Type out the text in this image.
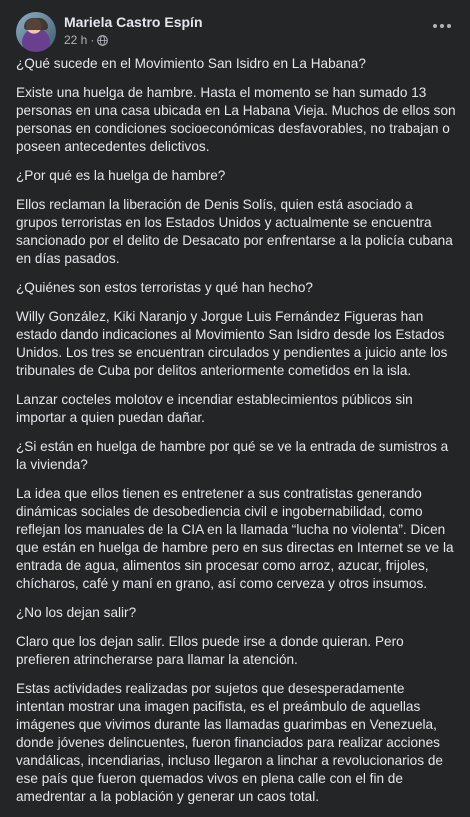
Mariela Castro Espín
22 h ·

¿Qué sucede en el Movimiento San Isidro en La Habana?

Existe una huelga de hambre. Hasta el momento se han sumado 13 personas en una casa ubicada en La Habana Vieja. Muchos de ellos son personas en condiciones socioeconómicas desfavorables, no trabajan o poseen antecedentes delictivos.

¿Por qué es la huelga de hambre?

Ellos reclaman la liberación de Denis Solís, quien está asociado a grupos terroristas en los Estados Unidos y actualmente se encuentra sancionado por el delito de Desacato por enfrentarse a la policía cubana en días pasados.

¿Quiénes son estos terroristas y qué han hecho?

Willy González, Kiki Naranjo y Jorgue Luis Fernández Figueras han estado dando indicaciones al Movimiento San Isidro desde los Estados Unidos. Los tres se encuentran circulados y pendientes a juicio ante los tribunales de Cuba por delitos anteriormente cometidos en la isla.

Lanzar cocteles molotov e incendiar establecimientos públicos sin importar a quien puedan dañar.

¿Si están en huelga de hambre por qué se ve la entrada de sumistros a la vivienda?

La idea que ellos tienen es entretener a sus contratistas generando dinámicas sociales de desobediencia civil e ingobernabilidad, como reflejan los manuales de la CIA en la llamada “lucha no violenta”. Dicen que están en huelga de hambre pero en sus directas en Internet se ve la entrada de agua, alimentos sin procesar como arroz, azucar, frijoles, chícharos, café y maní en grano, así como cerveza y otros insumos.

¿No los dejan salir?

Claro que los dejan salir. Ellos puede irse a donde quieran. Pero prefieren atrincherarse para llamar la atención.

Estas actividades realizadas por sujetos que desesperadamente intentan mostrar una imagen pacifista, es el preámbulo de aquellas imágenes que vivimos durante las llamadas guarimbas en Venezuela, donde jóvenes delincuentes, fueron financiados para realizar acciones vandálicas, incendiarias, incluso llegaron a linchar a revolucionarios de ese país que fueron quemados vivos en plena calle con el fin de amedrentar a la población y generar un caos total.
